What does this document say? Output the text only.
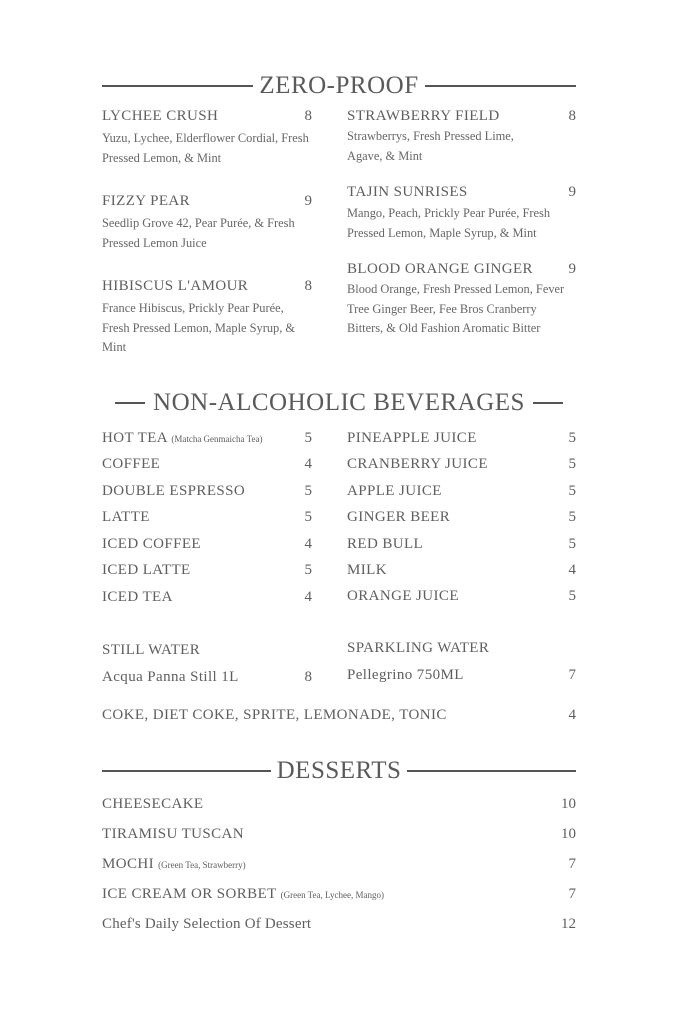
ZERO-PROOF
LYCHEE CRUSH	8
Yuzu, Lychee, Elderflower Cordial, Fresh Pressed Lemon, & Mint
FIZZY PEAR	9
Seedlip Grove 42, Pear Purée, & Fresh Pressed Lemon Juice
HIBISCUS L'AMOUR	8
France Hibiscus, Prickly Pear Purée, Fresh Pressed Lemon, Maple Syrup, & Mint
STRAWBERRY FIELD	8
Strawberrys, Fresh Pressed Lime, Agave, & Mint
TAJIN SUNRISES	9
Mango, Peach, Prickly Pear Purée, Fresh Pressed Lemon, Maple Syrup, & Mint
BLOOD ORANGE GINGER	9
Blood Orange, Fresh Pressed Lemon, Fever Tree Ginger Beer, Fee Bros Cranberry Bitters, & Old Fashion Aromatic Bitter
NON-ALCOHOLIC BEVERAGES
HOT TEA (Matcha Genmaicha Tea)	5
COFFEE	4
DOUBLE ESPRESSO	5
LATTE	5
ICED COFFEE	4
ICED LATTE	5
ICED TEA	4
PINEAPPLE JUICE	5
CRANBERRY JUICE	5
APPLE JUICE	5
GINGER BEER	5
RED BULL	5
MILK	4
ORANGE JUICE	5
STILL WATER
Acqua Panna Still 1L	8
SPARKLING WATER
Pellegrino 750ML	7
COKE, DIET COKE, SPRITE, LEMONADE, TONIC	4
DESSERTS
CHEESECAKE	10
TIRAMISU TUSCAN	10
MOCHI (Green Tea, Strawberry)	7
ICE CREAM OR SORBET (Green Tea, Lychee, Mango)	7
Chef's Daily Selection Of Dessert	12
